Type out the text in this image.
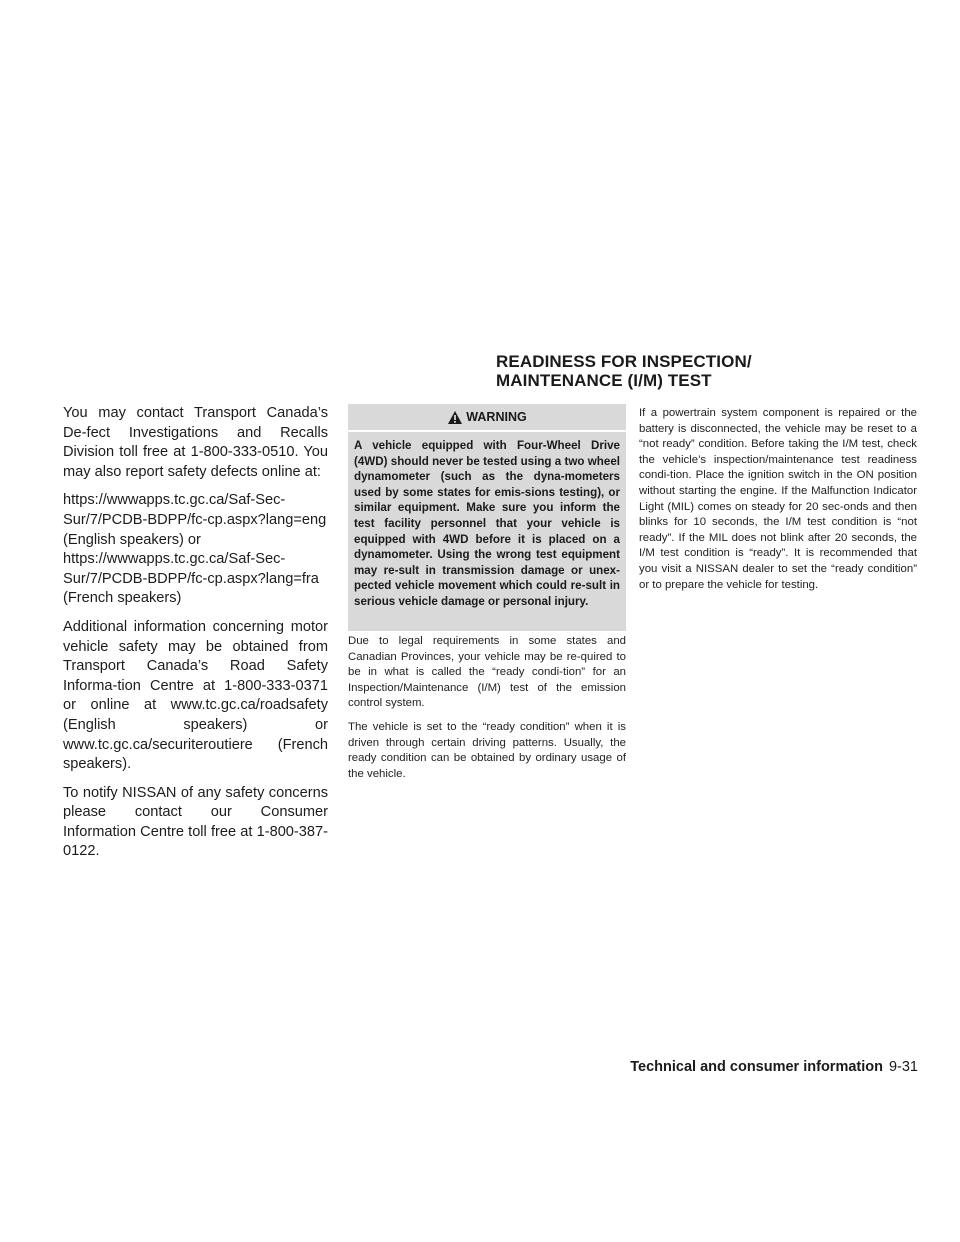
READINESS FOR INSPECTION/
MAINTENANCE (I/M) TEST

You may contact Transport Canada’s De-fect Investigations and Recalls Division toll free at 1-800-333-0510. You may also report safety defects online at:

https://wwwapps.tc.gc.ca/Saf-Sec-Sur/7/PCDB-BDPP/fc-cp.aspx?lang=eng (English speakers) or https://wwwapps.tc.gc.ca/Saf-Sec-Sur/7/PCDB-BDPP/fc-cp.aspx?lang=fra (French speakers)

Additional information concerning motor vehicle safety may be obtained from Transport Canada’s Road Safety Informa-tion Centre at 1-800-333-0371 or online at www.tc.gc.ca/roadsafety (English speakers) or www.tc.gc.ca/securiteroutiere (French speakers).

To notify NISSAN of any safety concerns please contact our Consumer Information Centre toll free at 1-800-387-0122.

WARNING
A vehicle equipped with Four-Wheel Drive (4WD) should never be tested using a two wheel dynamometer (such as the dyna-mometers used by some states for emis-sions testing), or similar equipment. Make sure you inform the test facility personnel that your vehicle is equipped with 4WD before it is placed on a dynamometer. Using the wrong test equipment may re-sult in transmission damage or unex-pected vehicle movement which could re-sult in serious vehicle damage or personal injury.

Due to legal requirements in some states and Canadian Provinces, your vehicle may be re-quired to be in what is called the “ready condi-tion” for an Inspection/Maintenance (I/M) test of the emission control system.

The vehicle is set to the “ready condition” when it is driven through certain driving patterns. Usually, the ready condition can be obtained by ordinary usage of the vehicle.

If a powertrain system component is repaired or the battery is disconnected, the vehicle may be reset to a “not ready” condition. Before taking the I/M test, check the vehicle’s inspection/maintenance test readiness condi-tion. Place the ignition switch in the ON position without starting the engine. If the Malfunction Indicator Light (MIL) comes on steady for 20 sec-onds and then blinks for 10 seconds, the I/M test condition is “not ready”. If the MIL does not blink after 20 seconds, the I/M test condition is “ready”. It is recommended that you visit a NISSAN dealer to set the “ready condition” or to prepare the vehicle for testing.

Technical and consumer information 9-31
